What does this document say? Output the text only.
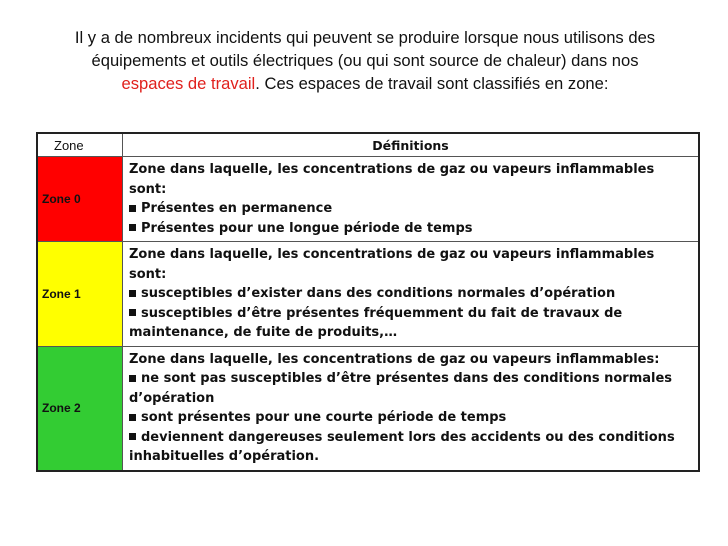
Il y a de nombreux incidents qui peuvent se produire lorsque nous utilisons des
équipements et outils électriques (ou qui sont source de chaleur) dans nos
espaces de travail. Ces espaces de travail sont classifiés en zone:
Zone	Définitions
Zone 0	Zone dans laquelle, les concentrations de gaz ou vapeurs inflammables sont:

Présentes en permanence
Présentes pour une longue période de temps

Zone 1	Zone dans laquelle, les concentrations de gaz ou vapeurs inflammables sont:

susceptibles d’exister dans des conditions normales d’opération
susceptibles d’être présentes fréquemment du fait de travaux de maintenance, de fuite de produits,…

Zone 2	Zone dans laquelle, les concentrations de gaz ou vapeurs inflammables:

ne sont pas susceptibles d’être présentes dans des conditions normales d’opération
sont présentes pour une courte période de temps
deviennent dangereuses seulement lors des accidents ou des conditions inhabituelles d’opération.
